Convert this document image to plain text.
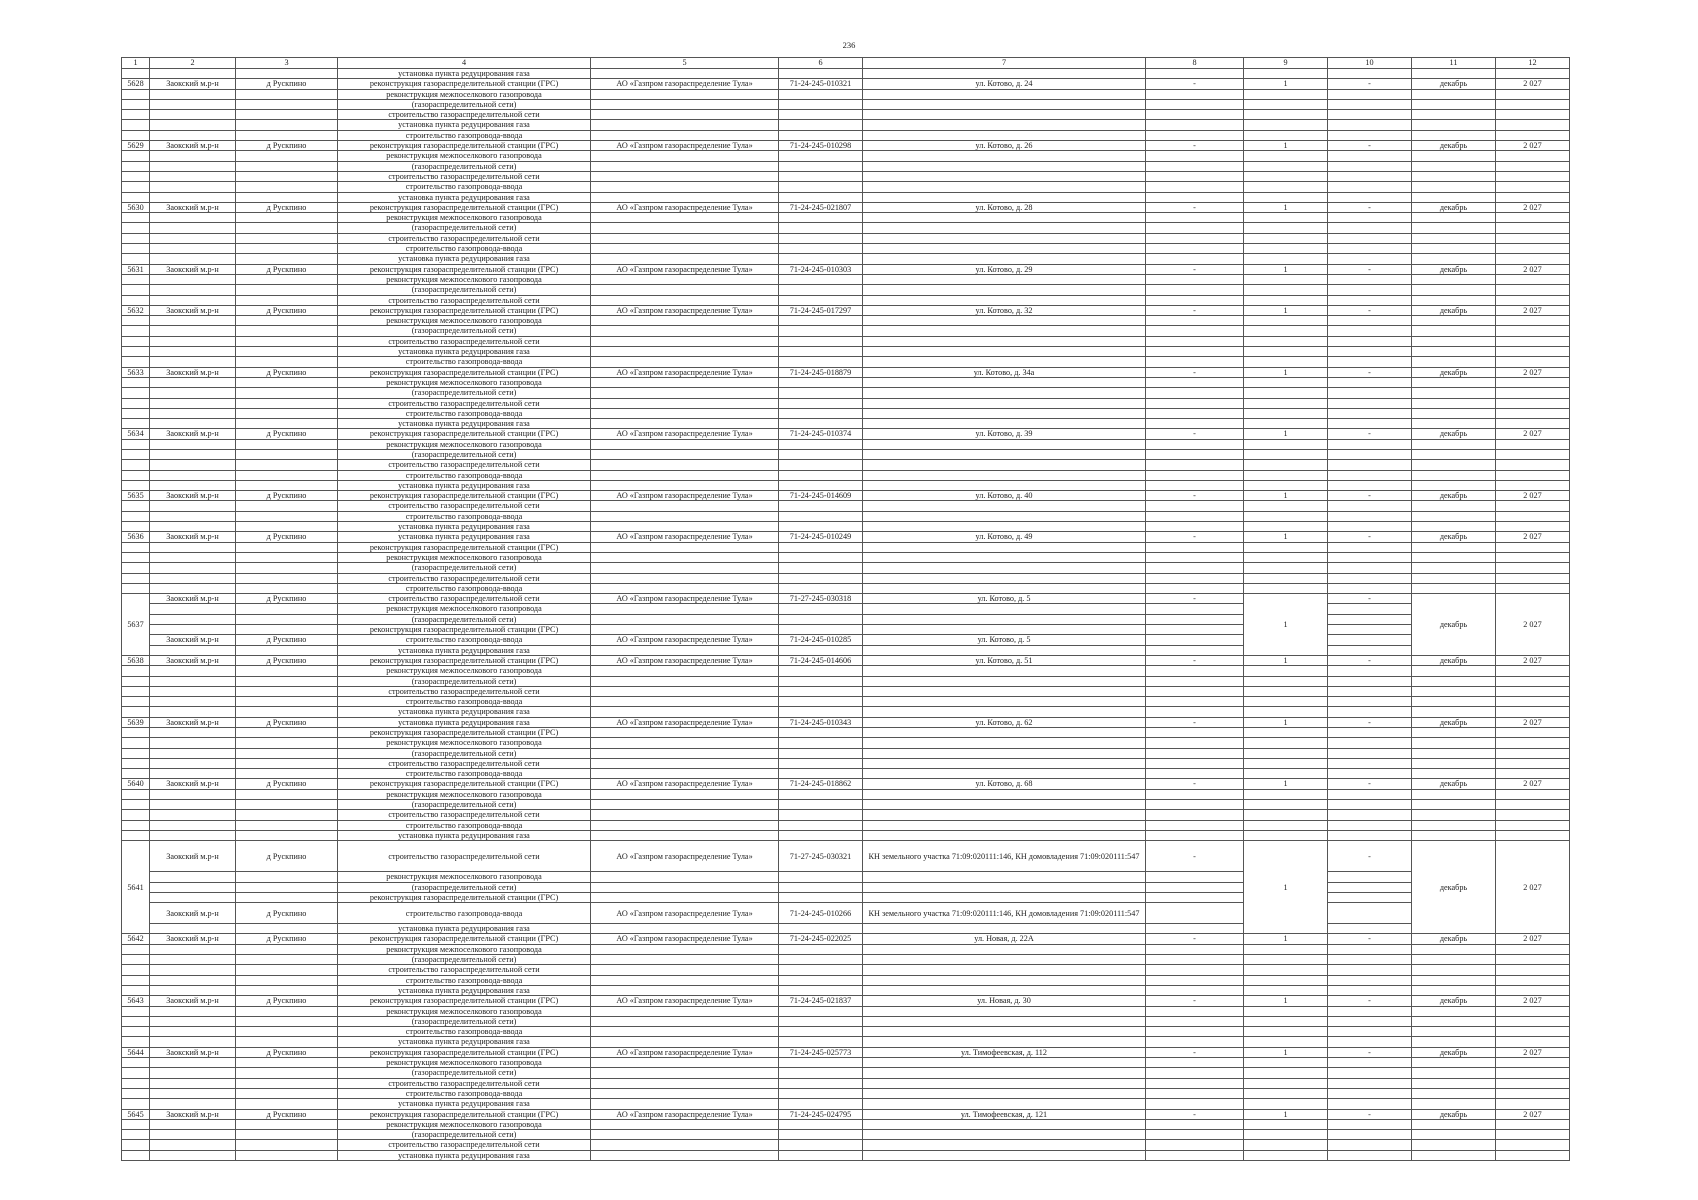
236
1	2	3	4	5	6	7	8	9	10	11	12
			установка пункта редуцирования газа								
5628	Заокский м.р-н	д Рускпино	реконструкция газораспределительной станции (ГРС)	АО «Газпром газораспределение Тула»	71-24-245-010321	ул. Котово, д. 24	-	1	-	декабрь	2 027
			реконструкция межпоселкового газопровода								
			(газораспределительной сети)								
			строительство газораспределительной сети								
			установка пункта редуцирования газа								
			строительство газопровода-ввода								
5629	Заокский м.р-н	д Рускпино	реконструкция газораспределительной станции (ГРС)	АО «Газпром газораспределение Тула»	71-24-245-010298	ул. Котово, д. 26	-	1	-	декабрь	2 027
			реконструкция межпоселкового газопровода								
			(газораспределительной сети)								
			строительство газораспределительной сети								
			строительство газопровода-ввода								
			установка пункта редуцирования газа								
5630	Заокский м.р-н	д Рускпино	реконструкция газораспределительной станции (ГРС)	АО «Газпром газораспределение Тула»	71-24-245-021807	ул. Котово, д. 28	-	1	-	декабрь	2 027
			реконструкция межпоселкового газопровода								
			(газораспределительной сети)								
			строительство газораспределительной сети								
			строительство газопровода-ввода								
			установка пункта редуцирования газа								
5631	Заокский м.р-н	д Рускпино	реконструкция газораспределительной станции (ГРС)	АО «Газпром газораспределение Тула»	71-24-245-010303	ул. Котово, д. 29	-	1	-	декабрь	2 027
			реконструкция межпоселкового газопровода								
			(газораспределительной сети)								
			строительство газораспределительной сети								
5632	Заокский м.р-н	д Рускпино	реконструкция газораспределительной станции (ГРС)	АО «Газпром газораспределение Тула»	71-24-245-017297	ул. Котово, д. 32	-	1	-	декабрь	2 027
			реконструкция межпоселкового газопровода								
			(газораспределительной сети)								
			строительство газораспределительной сети								
			установка пункта редуцирования газа								
			строительство газопровода-ввода								
5633	Заокский м.р-н	д Рускпино	реконструкция газораспределительной станции (ГРС)	АО «Газпром газораспределение Тула»	71-24-245-018879	ул. Котово, д. 34а	-	1	-	декабрь	2 027
			реконструкция межпоселкового газопровода								
			(газораспределительной сети)								
			строительство газораспределительной сети								
			строительство газопровода-ввода								
			установка пункта редуцирования газа								
5634	Заокский м.р-н	д Рускпино	реконструкция газораспределительной станции (ГРС)	АО «Газпром газораспределение Тула»	71-24-245-010374	ул. Котово, д. 39	-	1	-	декабрь	2 027
			реконструкция межпоселкового газопровода								
			(газораспределительной сети)								
			строительство газораспределительной сети								
			строительство газопровода-ввода								
			установка пункта редуцирования газа								
5635	Заокский м.р-н	д Рускпино	реконструкция газораспределительной станции (ГРС)	АО «Газпром газораспределение Тула»	71-24-245-014609	ул. Котово, д. 40	-	1	-	декабрь	2 027
			строительство газораспределительной сети								
			строительство газопровода-ввода								
			установка пункта редуцирования газа								
5636	Заокский м.р-н	д Рускпино	установка пункта редуцирования газа	АО «Газпром газораспределение Тула»	71-24-245-010249	ул. Котово, д. 49	-	1	-	декабрь	2 027
			реконструкция газораспределительной станции (ГРС)								
			реконструкция межпоселкового газопровода								
			(газораспределительной сети)								
			строительство газораспределительной сети								
			строительство газопровода-ввода								
5637	Заокский м.р-н	д Рускпино	строительство газораспределительной сети	АО «Газпром газораспределение Тула»	71-27-245-030318	ул. Котово, д. 5	-	1	-	декабрь	2 027
			реконструкция межпоселкового газопровода								
			(газораспределительной сети)								
			реконструкция газораспределительной станции (ГРС)								
	Заокский м.р-н	д Рускпино	строительство газопровода-ввода	АО «Газпром газораспределение Тула»	71-24-245-010285	ул. Котово, д. 5					
			установка пункта редуцирования газа								
5638	Заокский м.р-н	д Рускпино	реконструкция газораспределительной станции (ГРС)	АО «Газпром газораспределение Тула»	71-24-245-014606	ул. Котово, д. 51	-	1	-	декабрь	2 027
			реконструкция межпоселкового газопровода								
			(газораспределительной сети)								
			строительство газораспределительной сети								
			строительство газопровода-ввода								
			установка пункта редуцирования газа								
5639	Заокский м.р-н	д Рускпино	установка пункта редуцирования газа	АО «Газпром газораспределение Тула»	71-24-245-010343	ул. Котово, д. 62	-	1	-	декабрь	2 027
			реконструкция газораспределительной станции (ГРС)								
			реконструкция межпоселкового газопровода								
			(газораспределительной сети)								
			строительство газораспределительной сети								
			строительство газопровода-ввода								
5640	Заокский м.р-н	д Рускпино	реконструкция газораспределительной станции (ГРС)	АО «Газпром газораспределение Тула»	71-24-245-018862	ул. Котово, д. 68	-	1	-	декабрь	2 027
			реконструкция межпоселкового газопровода								
			(газораспределительной сети)								
			строительство газораспределительной сети								
			строительство газопровода-ввода								
			установка пункта редуцирования газа								
5641	Заокский м.р-н	д Рускпино	строительство газораспределительной сети	АО «Газпром газораспределение Тула»	71-27-245-030321	КН земельного участка 71:09:020111:146, КН домовладения 71:09:020111:547	-	1	-	декабрь	2 027
			реконструкция межпоселкового газопровода								
			(газораспределительной сети)								
			реконструкция газораспределительной станции (ГРС)								
	Заокский м.р-н	д Рускпино	строительство газопровода-ввода	АО «Газпром газораспределение Тула»	71-24-245-010266	КН земельного участка 71:09:020111:146, КН домовладения 71:09:020111:547					
			установка пункта редуцирования газа								
5642	Заокский м.р-н	д Рускпино	реконструкция газораспределительной станции (ГРС)	АО «Газпром газораспределение Тула»	71-24-245-022025	ул. Новая, д. 22А	-	1	-	декабрь	2 027
			реконструкция межпоселкового газопровода								
			(газораспределительной сети)								
			строительство газораспределительной сети								
			строительство газопровода-ввода								
			установка пункта редуцирования газа								
5643	Заокский м.р-н	д Рускпино	реконструкция газораспределительной станции (ГРС)	АО «Газпром газораспределение Тула»	71-24-245-021837	ул. Новая, д. 30	-	1	-	декабрь	2 027
			реконструкция межпоселкового газопровода								
			(газораспределительной сети)								
			строительство газопровода-ввода								
			установка пункта редуцирования газа								
5644	Заокский м.р-н	д Рускпино	реконструкция газораспределительной станции (ГРС)	АО «Газпром газораспределение Тула»	71-24-245-025773	ул. Тимофеевская, д. 112	-	1	-	декабрь	2 027
			реконструкция межпоселкового газопровода								
			(газораспределительной сети)								
			строительство газораспределительной сети								
			строительство газопровода-ввода								
			установка пункта редуцирования газа								
5645	Заокский м.р-н	д Рускпино	реконструкция газораспределительной станции (ГРС)	АО «Газпром газораспределение Тула»	71-24-245-024795	ул. Тимофеевская, д. 121	-	1	-	декабрь	2 027
			реконструкция межпоселкового газопровода								
			(газораспределительной сети)								
			строительство газораспределительной сети								
			установка пункта редуцирования газа								
